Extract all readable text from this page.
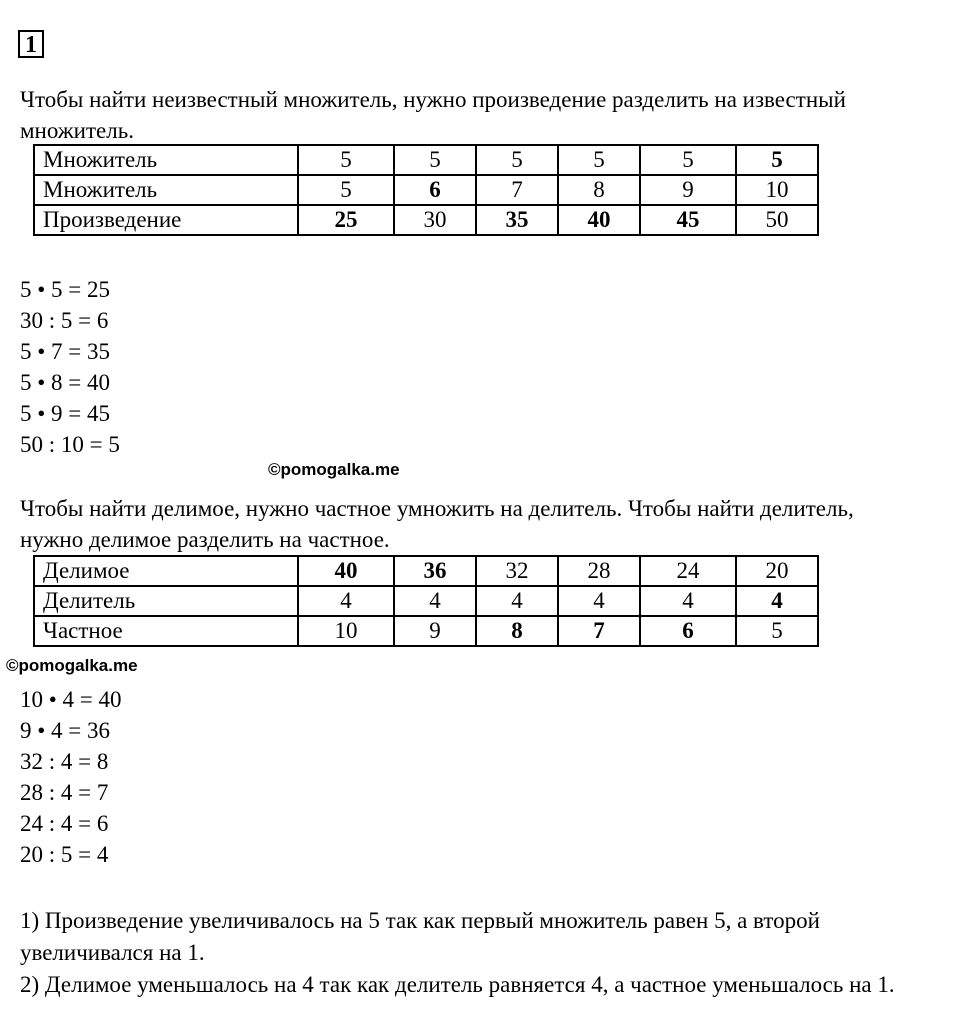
1

Чтобы найти неизвестный множитель, нужно произведение разделить на известный множитель.

Множитель	5	5	5	5	5	5
Множитель	5	6	7	8	9	10
Произведение	25	30	35	40	45	50
5 • 5 = 25
30 : 5 = 6
5 • 7 = 35
5 • 8 = 40
5 • 9 = 45
50 : 10 = 5
©pomogalka.me

Чтобы найти делимое, нужно частное умножить на делитель. Чтобы найти делитель, нужно делимое разделить на частное.

Делимое	40	36	32	28	24	20
Делитель	4	4	4	4	4	4
Частное	10	9	8	7	6	5
©pomogalka.me
10 • 4 = 40
9 • 4 = 36
32 : 4 = 8
28 : 4 = 7
24 : 4 = 6
20 : 5 = 4
1) Произведение увеличивалось на 5 так как первый множитель равен 5, а второй увеличивался на 1.
2) Делимое уменьшалось на 4 так как делитель равняется 4, а частное уменьшалось на 1.
